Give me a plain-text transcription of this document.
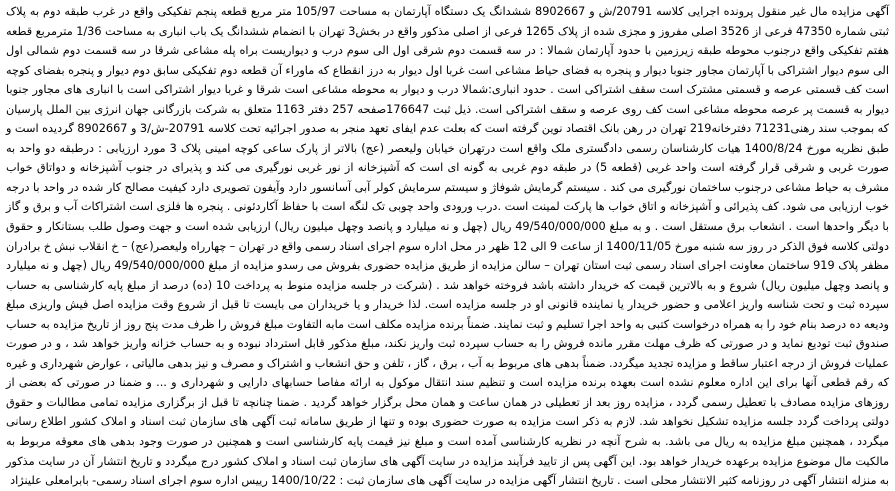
آگهی مزایده مال غیر منقول پرونده اجرایی کلاسه 20791/ش و 8902667 ششدانگ یک دستگاه آپارتمان به مساحت 105/97 متر مربع قطعه پنجم تفکیکی واقع در غرب طبقه دوم به پلاک ثبتی شماره 47350 فرعی از 3526 اصلی مفروز و مجزی شده از پلاک 1265 فرعی از اصلی مذکور واقع در بخش3 تهران با انضمام ششدانگ یک باب انباری به مساحت 1/36 مترمربع قطعه هفتم تفکیکی واقع درجنوب محوطه طبقه زیرزمین با حدود آپارتمان شمالا : در سه قسمت دوم شرقی اول الی سوم درب و دیواریست براه پله مشاعی شرقا در سه قسمت دوم شمالی اول الی سوم دیوار اشتراکی با آپارتمان مجاور جنوبا دیوار و پنجره به فضای حیاط مشاعی است غربا اول دیوار به درز انقطاع که ماوراء آن قطعه دوم تفکیکی سابق دوم دیوار و پنجره بفضای کوچه است کف قسمتی عرصه و قسمتی مشترک است سقف اشتراکی است . حدود انباری:شمالا درب و دیوار به محوطه مشاعی است شرقا و غربا دیوار اشتراکی است با انباری های مجاور جنوبا دیوار به قسمت پر عرصه محوطه مشاعی است کف روی عرصه و سقف اشتراکی است. ذیل ثبت 176647صفحه 257 دفتر 1163 متعلق به شرکت بازرگانی جهان انرژی بین الملل پارسیان که بموجب سند رهنی71231 دفترخانه219 تهران در رهن بانک اقتصاد نوین گرفته است که بعلت عدم ایفای تعهد منجر به صدور اجرائیه تحت کلاسه 20791-ش/3 و 8902667 گردیده است و طبق نظریه مورخ 1400/8/24 هیات کارشناسان رسمی دادگستری ملک واقع است درتهران خیابان ولیعصر (عج) بالاتر از پارک ساعی کوچه امینی پلاک 3 مورد ارزیابی : درطبقه دو واحد به صورت غربی و شرقی قرار گرفته است واحد غربی (قطعه 5) در طبقه دوم غربی به گونه ای است که آشپزخانه از نور غربی نورگیری می کند و پذیرای در جنوب آشپزخانه و دواتاق خواب مشرف به حیاط مشاعی درجنوب ساختمان نورگیری می کند . سیستم گرمایش شوفاژ و سیستم سرمایش کولر آبی آسانسور دارد وآیفون تصویری دارد کیفیت مصالح کار شده در واحد با درجه خوب ارزیابی می شود. کف پذیرائی و آشپزخانه و اتاق خواب ها پارکت لمینت است .درب ورودی واحد چوبی تک لنگه است با حفاظ آکاردئونی . پنجره ها فلزی است اشتراکات آب و برق و گاز با دیگر واحدها است . انشعاب برق مستقل است . و به مبلغ 49/540/000/000 ریال (چهل و نه میلیارد و پانصد وچهل میلیون ریال) ارزیابی شده است و جهت وصول طلب بستانکار و حقوق دولتی کلاسه فوق الذکر در روز سه شنبه مورخ 1400/11/05 از ساعت 9 الی 12 ظهر در محل اداره سوم اجرای اسناد رسمی واقع در تهران – چهارراه ولیعصر(عج) – خ انقلاب نبش خ برادران مظفر پلاک 919 ساختمان معاونت اجرای اسناد رسمی ثبت استان تهران – سالن مزایده از طریق مزایده حضوری بفروش می رسدو مزایده از مبلغ 49/540/000/000 ریال (چهل و نه میلیارد و پانصد وچهل میلیون ریال) شروع و به بالاترین قیمت که خریدار داشته باشد فروخته خواهد شد . (شرکت در جلسه مزایده منوط به پرداخت 10 (ده) درصد از مبلغ پایه کارشناسی به حساب سپرده ثبت و تحت شناسه واریز اعلامی و حضور خریدار یا نماینده قانونی او در جلسه مزایده است. لذا خریدار و یا خریداران می بایست تا قبل از شروع وقت مزایده اصل فیش واریزی مبلغ ودیعه ده درصد بنام خود را به همراه درخواست کتبی به واحد اجرا تسلیم و ثبت نمایند. ضمناً برنده مزایده مکلف است مابه التفاوت مبلغ فروش را ظرف مدت پنج روز از تاریخ مزایده به حساب صندوق ثبت تودیع نماید و در صورتی که ظرف مهلت مقرر مانده فروش را به حساب سپرده ثبت واریز نکند، مبلغ مذکور قابل استرداد نبوده و به حساب خزانه واریز خواهد شد ، و در صورت عملیات فروش از درجه اعتبار ساقط و مزایده تجدید میگردد. ضمناً بدهی های مربوط به آب ، برق ، گاز ، تلفن و حق انشعاب و اشتراک و مصرف و نیز بدهی مالیاتی ، عوارض شهرداری و غیره که رقم قطعی آنها برای این اداره معلوم نشده است بعهده برنده مزایده است و تنظیم سند انتقال موکول به ارائه مفاصا حسابهای دارایی و شهرداری و ... و ضمنا در صورتی که بعضی از روزهای مزایده مصادف با تعطیل رسمی گردد ، مزایده روز بعد از تعطیلی در همان ساعت و همان محل برگزار خواهد گردید . ضمنا چنانچه تا قبل از برگزاری مزایده تمامی مطالبات و حقوق دولتی پرداخت گردد جلسه مزایده تشکیل نخواهد شد. لازم به ذکر است مزایده به صورت حضوری بوده و تنها از طریق سامانه ثبت آگهی های سازمان ثبت اسناد و املاک کشور اطلاع رسانی میگردد ، همچنین مبلغ مزایده به ریال می باشد. به شرح آنچه در نظریه کارشناسی آمده است و مبلغ نیز قیمت پایه کارشناسی است و همچنین در صورت وجود بدهی های معوقه مربوط به مالکیت مال موضوع مزایده برعهده خریدار خواهد بود. این آگهی پس از تایید فرآیند مزایده در سایت آگهی های سازمان ثبت اسناد و املاک کشور درج میگردد و تاریخ انتشار آن در سایت مذکور به منزله انتشار آگهی در روزنامه کثیر الانتشار محلی است . تاریخ انتشار آگهی مزایده در سایت آگهی های سازمان ثبت : 1400/10/22 رییس اداره سوم اجرای اسناد رسمی- بابرامعلی علینژاد
